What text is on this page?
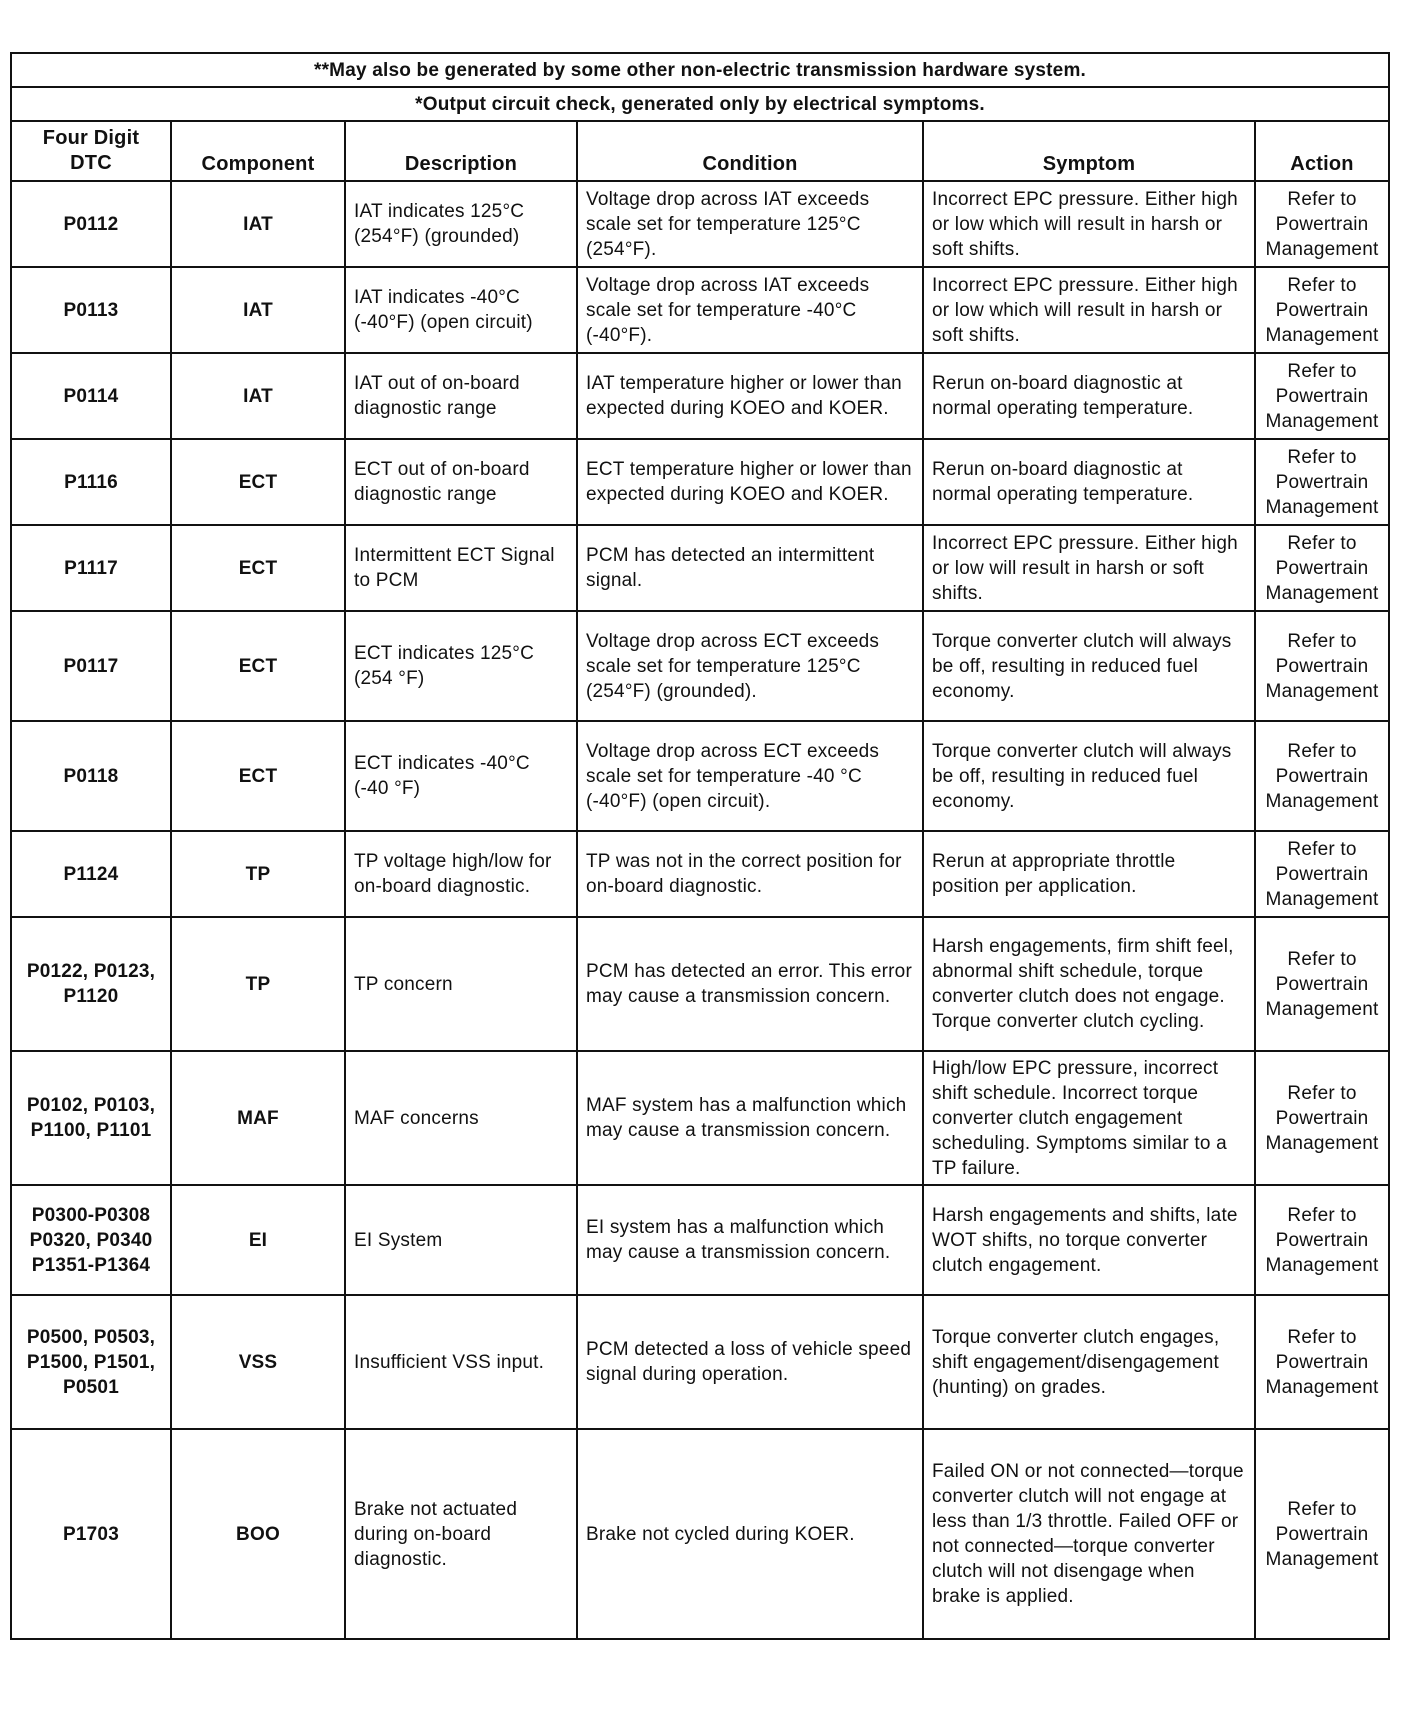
**May also be generated by some other non-electric transmission hardware system.					
*Output circuit check, generated only by electrical symptoms.					
Four Digit DTC	Component	Description	Condition	Symptom	Action
P0112	IAT	IAT indicates 125°C (254°F) (grounded)	Voltage drop across IAT exceeds scale set for temperature 125°C (254°F).	Incorrect EPC pressure. Either high or low which will result in harsh or soft shifts.	Refer to Powertrain Management
P0113	IAT	IAT indicates -40°C (-40°F) (open circuit)	Voltage drop across IAT exceeds scale set for temperature -40°C (-40°F).	Incorrect EPC pressure. Either high or low which will result in harsh or soft shifts.	Refer to Powertrain Management
P0114	IAT	IAT out of on-board diagnostic range	IAT temperature higher or lower than expected during KOEO and KOER.	Rerun on-board diagnostic at normal operating temperature.	Refer to Powertrain Management
P1116	ECT	ECT out of on-board diagnostic range	ECT temperature higher or lower than expected during KOEO and KOER.	Rerun on-board diagnostic at normal operating temperature.	Refer to Powertrain Management
P1117	ECT	Intermittent ECT Signal to PCM	PCM has detected an intermittent signal.	Incorrect EPC pressure. Either high or low will result in harsh or soft shifts.	Refer to Powertrain Management
P0117	ECT	ECT indicates 125°C (254 °F)	Voltage drop across ECT exceeds scale set for temperature 125°C (254°F) (grounded).	Torque converter clutch will always be off, resulting in reduced fuel economy.	Refer to Powertrain Management
P0118	ECT	ECT indicates -40°C (-40 °F)	Voltage drop across ECT exceeds scale set for temperature -40 °C (-40°F) (open circuit).	Torque converter clutch will always be off, resulting in reduced fuel economy.	Refer to Powertrain Management
P1124	TP	TP voltage high/low for on-board diagnostic.	TP was not in the correct position for on-board diagnostic.	Rerun at appropriate throttle position per application.	Refer to Powertrain Management
P0122, P0123, P1120	TP	TP concern	PCM has detected an error. This error may cause a transmission concern.	Harsh engagements, firm shift feel, abnormal shift schedule, torque converter clutch does not engage. Torque converter clutch cycling.	Refer to Powertrain Management
P0102, P0103, P1100, P1101	MAF	MAF concerns	MAF system has a malfunction which may cause a transmission concern.	High/low EPC pressure, incorrect shift schedule. Incorrect torque converter clutch engagement scheduling. Symptoms similar to a TP failure.	Refer to Powertrain Management
P0300-P0308 P0320, P0340 P1351-P1364	EI	EI System	EI system has a malfunction which may cause a transmission concern.	Harsh engagements and shifts, late WOT shifts, no torque converter clutch engagement.	Refer to Powertrain Management
P0500, P0503, P1500, P1501, P0501	VSS	Insufficient VSS input.	PCM detected a loss of vehicle speed signal during operation.	Torque converter clutch engages, shift engagement/disengagement (hunting) on grades.	Refer to Powertrain Management
P1703	BOO	Brake not actuated during on-board diagnostic.	Brake not cycled during KOER.	Failed ON or not connected—torque converter clutch will not engage at less than 1/3 throttle. Failed OFF or not connected—torque converter clutch will not disengage when brake is applied.	Refer to Powertrain Management
